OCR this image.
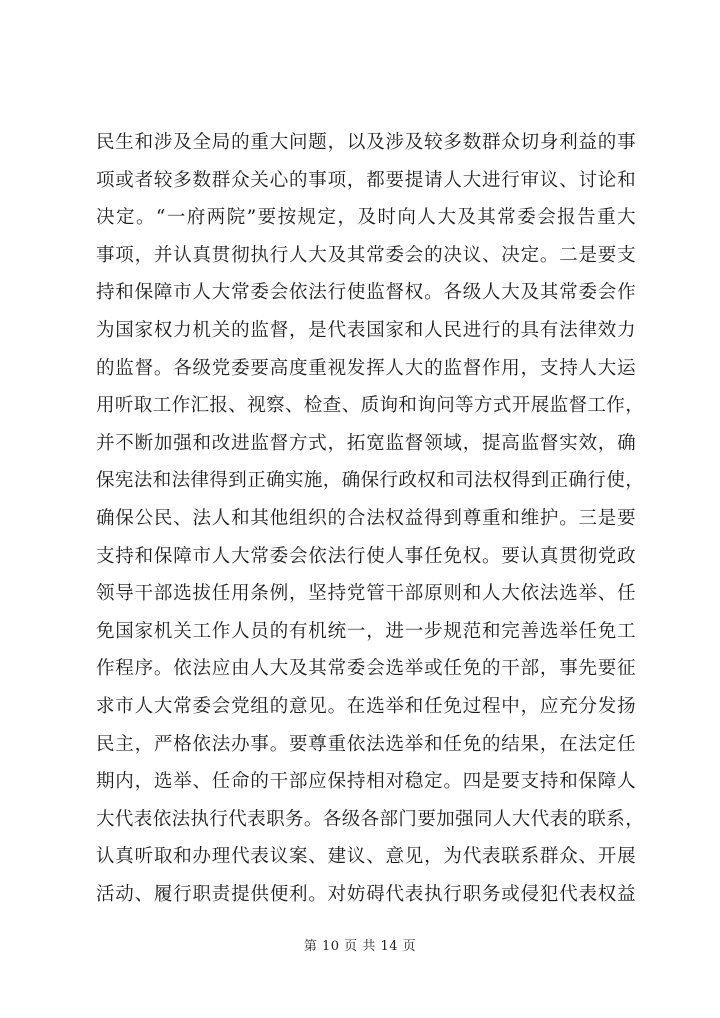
民生和涉及全局的重大问题，以及涉及较多数群众切身利益的事
项或者较多数群众关心的事项，都要提请人大进行审议、讨论和
决定。“一府两院”要按规定，及时向人大及其常委会报告重大
事项，并认真贯彻执行人大及其常委会的决议、决定。二是要支
持和保障市人大常委会依法行使监督权。各级人大及其常委会作
为国家权力机关的监督，是代表国家和人民进行的具有法律效力
的监督。各级党委要高度重视发挥人大的监督作用，支持人大运
用听取工作汇报、视察、检查、质询和询问等方式开展监督工作，
并不断加强和改进监督方式，拓宽监督领域，提高监督实效，确
保宪法和法律得到正确实施，确保行政权和司法权得到正确行使，
确保公民、法人和其他组织的合法权益得到尊重和维护。三是要
支持和保障市人大常委会依法行使人事任免权。要认真贯彻党政
领导干部选拔任用条例，坚持党管干部原则和人大依法选举、任
免国家机关工作人员的有机统一，进一步规范和完善选举任免工
作程序。依法应由人大及其常委会选举或任免的干部，事先要征
求市人大常委会党组的意见。在选举和任免过程中，应充分发扬
民主，严格依法办事。要尊重依法选举和任免的结果，在法定任
期内，选举、任命的干部应保持相对稳定。四是要支持和保障人
大代表依法执行代表职务。各级各部门要加强同人大代表的联系，
认真听取和办理代表议案、建议、意见，为代表联系群众、开展
活动、履行职责提供便利。对妨碍代表执行职务或侵犯代表权益
第 10 页 共 14 页
